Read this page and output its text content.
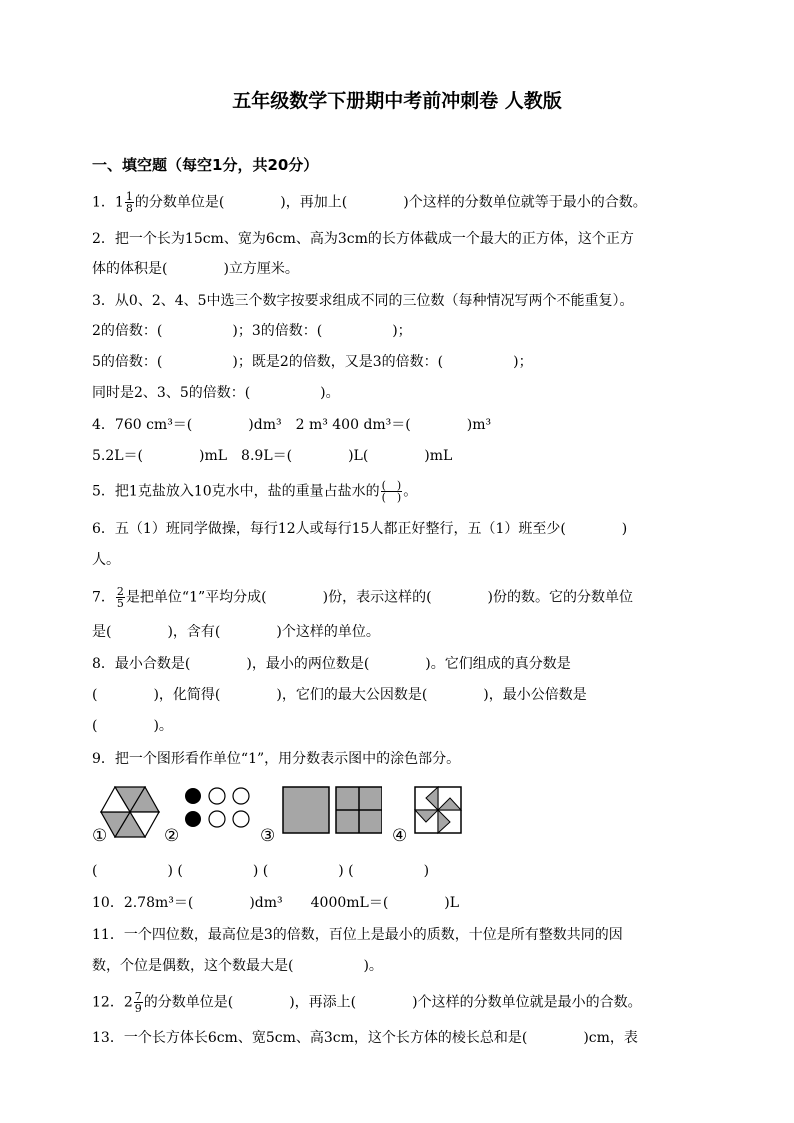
五年级数学下册期中考前冲刺卷 人教版
一、填空题（每空1分，共20分）
1．$1 \frac{1}{8}$ 的分数单位是(　　　　)，再加上(　　　　)个这样的分数单位就等于最小的合数。
2．把一个长为15cm、宽为6cm、高为3cm的长方体截成一个最大的正方体，这个正方
体的体积是(　　　　)立方厘米。
3．从0、2、4、5中选三个数字按要求组成不同的三位数（每种情况写两个不能重复）。
2的倍数：(　　　　　)；3的倍数：(　　　　　)；
5的倍数：(　　　　　)；既是2的倍数，又是3的倍数：(　　　　　)；
同时是2、3、5的倍数：(　　　　　)。
4．760 cm³＝(　　　　)dm³　2 m³ 400 dm³＝(　　　　)m³
5.2L＝(　　　　)mL　8.9L＝(　　　　)L(　　　　)mL
5．把1克盐放入10克水中，盐的重量占盐水的 $\frac{( )}{( )}$ 。
6．五（1）班同学做操，每行12人或每行15人都正好整行，五（1）班至少(　　　　)
人。
7． $\frac{2}{5}$ 是把单位“1”平均分成(　　　　)份，表示这样的(　　　　)份的数。它的分数单位
是(　　　　)，含有(　　　　)个这样的单位。
8．最小合数是(　　　　)，最小的两位数是(　　　　)。它们组成的真分数是
(　　　　)，化简得(　　　　)，它们的最大公因数是(　　　　)，最小公倍数是
(　　　　)。
9．把一个图形看作单位“1”，用分数表示图中的涂色部分。
①	②	③	④
(　　　　　) (　　　　　) (　　　　　) (　　　　　)
10．2.78m³＝(　　　　)dm³　　4000mL＝(　　　　)L
11．一个四位数，最高位是3的倍数，百位上是最小的质数，十位是所有整数共同的因
数，个位是偶数，这个数最大是(　　　　　)。
12．$2 \frac{7}{9}$ 的分数单位是(　　　　)，再添上(　　　　)个这样的分数单位就是最小的合数。
13．一个长方体长6cm、宽5cm、高3cm，这个长方体的棱长总和是(　　　　)cm，表
